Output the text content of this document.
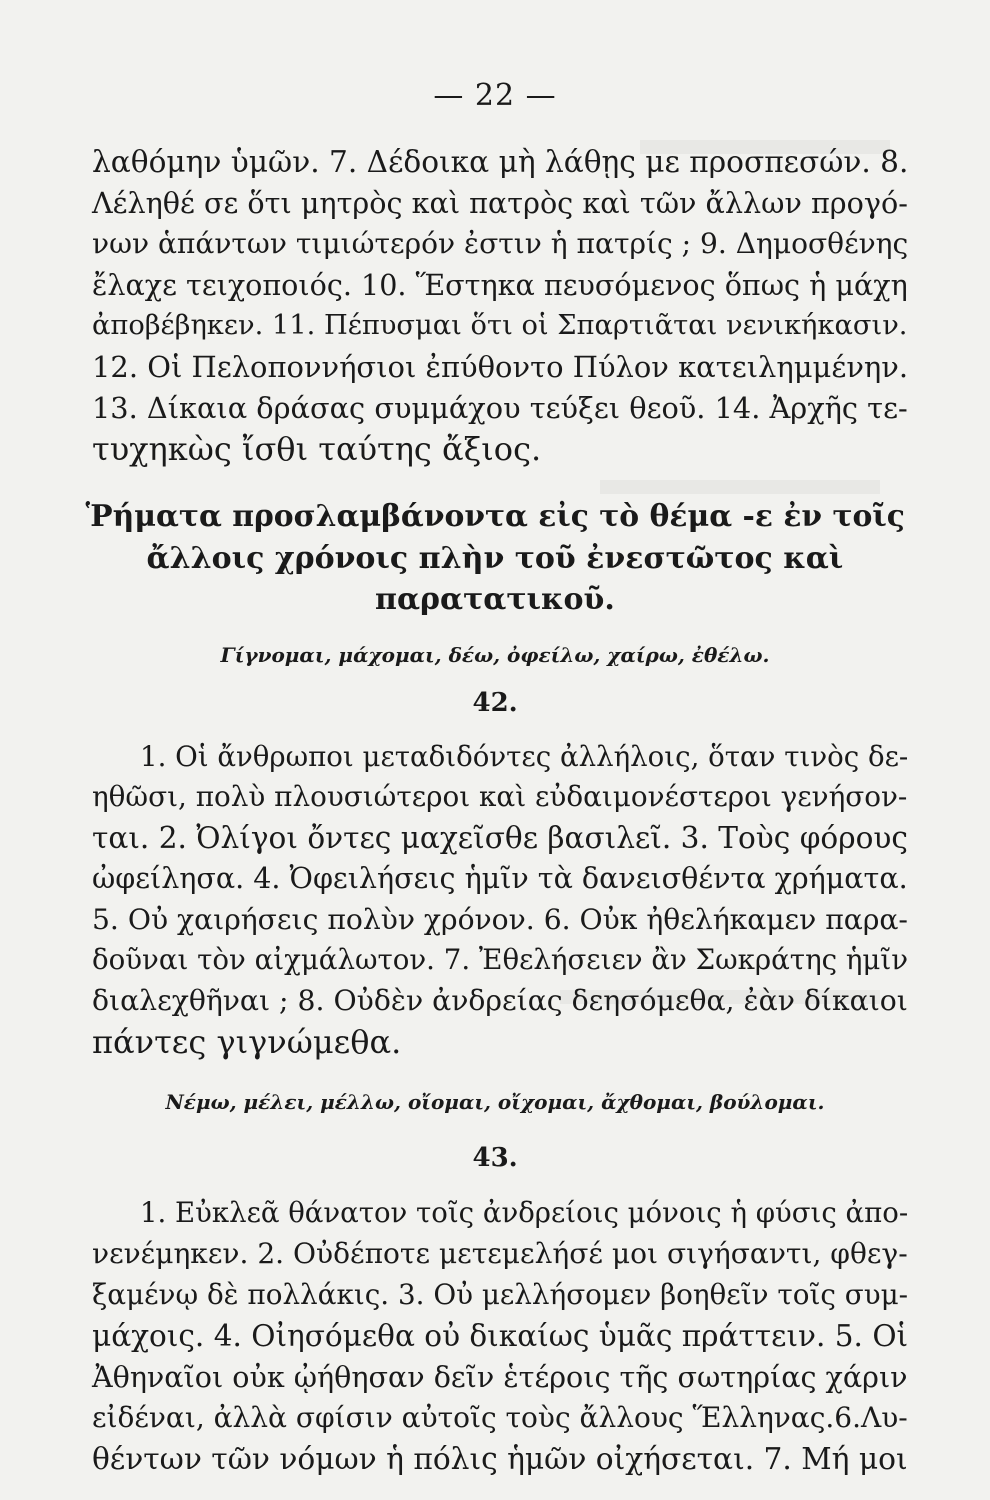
— 22 —
λαθόμην ὑμῶν. 7. Δέδοικα μὴ λάθῃς με προσπεσών. 8.
Λέληθέ σε ὅτι μητρὸς καὶ πατρὸς καὶ τῶν ἄλλων προγό-
νων ἁπάντων τιμιώτερόν ἐστιν ἡ πατρίς ; 9. Δημοσθένης
ἔλαχε τειχοποιός. 10. Ἕστηκα πευσόμενος ὅπως ἡ μάχη
ἀποβέβηκεν. 11. Πέπυσμαι ὅτι οἱ Σπαρτιᾶται νενικήκασιν.
12. Οἱ Πελοποννήσιοι ἐπύθοντο Πύλον κατειλημμένην.
13. Δίκαια δράσας συμμάχου τεύξει θεοῦ. 14. Ἀρχῆς τε-
τυχηκὼς ἴσθι ταύτης ἄξιος.
Ῥήματα προσλαμβάνοντα εἰς τὸ θέμα -ε ἐν τοῖς
ἄλλοις χρόνοις πλὴν τοῦ ἐνεστῶτος καὶ
παρατατικοῦ.
Γίγνομαι, μάχομαι, δέω, ὀφείλω, χαίρω, ἐθέλω.
42.
1. Οἱ ἄνθρωποι μεταδιδόντες ἀλλήλοις, ὅταν τινὸς δε-
ηθῶσι, πολὺ πλουσιώτεροι καὶ εὐδαιμονέστεροι γενήσον-
ται. 2. Ὀλίγοι ὄντες μαχεῖσθε βασιλεῖ. 3. Τοὺς φόρους
ὠφείλησα. 4. Ὀφειλήσεις ἡμῖν τὰ δανεισθέντα χρήματα.
5. Οὐ χαιρήσεις πολὺν χρόνον. 6. Οὐκ ἠθελήκαμεν παρα-
δοῦναι τὸν αἰχμάλωτον. 7. Ἐθελήσειεν ἂν Σωκράτης ἡμῖν
διαλεχθῆναι ; 8. Οὐδὲν ἀνδρείας δεησόμεθα, ἐὰν δίκαιοι
πάντες γιγνώμεθα.
Νέμω, μέλει, μέλλω, οἴομαι, οἴχομαι, ἄχθομαι, βούλομαι.
43.
1. Εὐκλεᾶ θάνατον τοῖς ἀνδρείοις μόνοις ἡ φύσις ἀπο-
νενέμηκεν. 2. Οὐδέποτε μετεμελήσέ μοι σιγήσαντι, φθεγ-
ξαμένῳ δὲ πολλάκις. 3. Οὐ μελλήσομεν βοηθεῖν τοῖς συμ-
μάχοις. 4. Οἰησόμεθα οὐ δικαίως ὑμᾶς πράττειν. 5. Οἱ
Ἀθηναῖοι οὐκ ᾠήθησαν δεῖν ἑτέροις τῆς σωτηρίας χάριν
εἰδέναι, ἀλλὰ σφίσιν αὐτοῖς τοὺς ἄλλους Ἕλληνας.6.Λυ-
θέντων τῶν νόμων ἡ πόλις ἡμῶν οἰχήσεται. 7. Μή μοι
